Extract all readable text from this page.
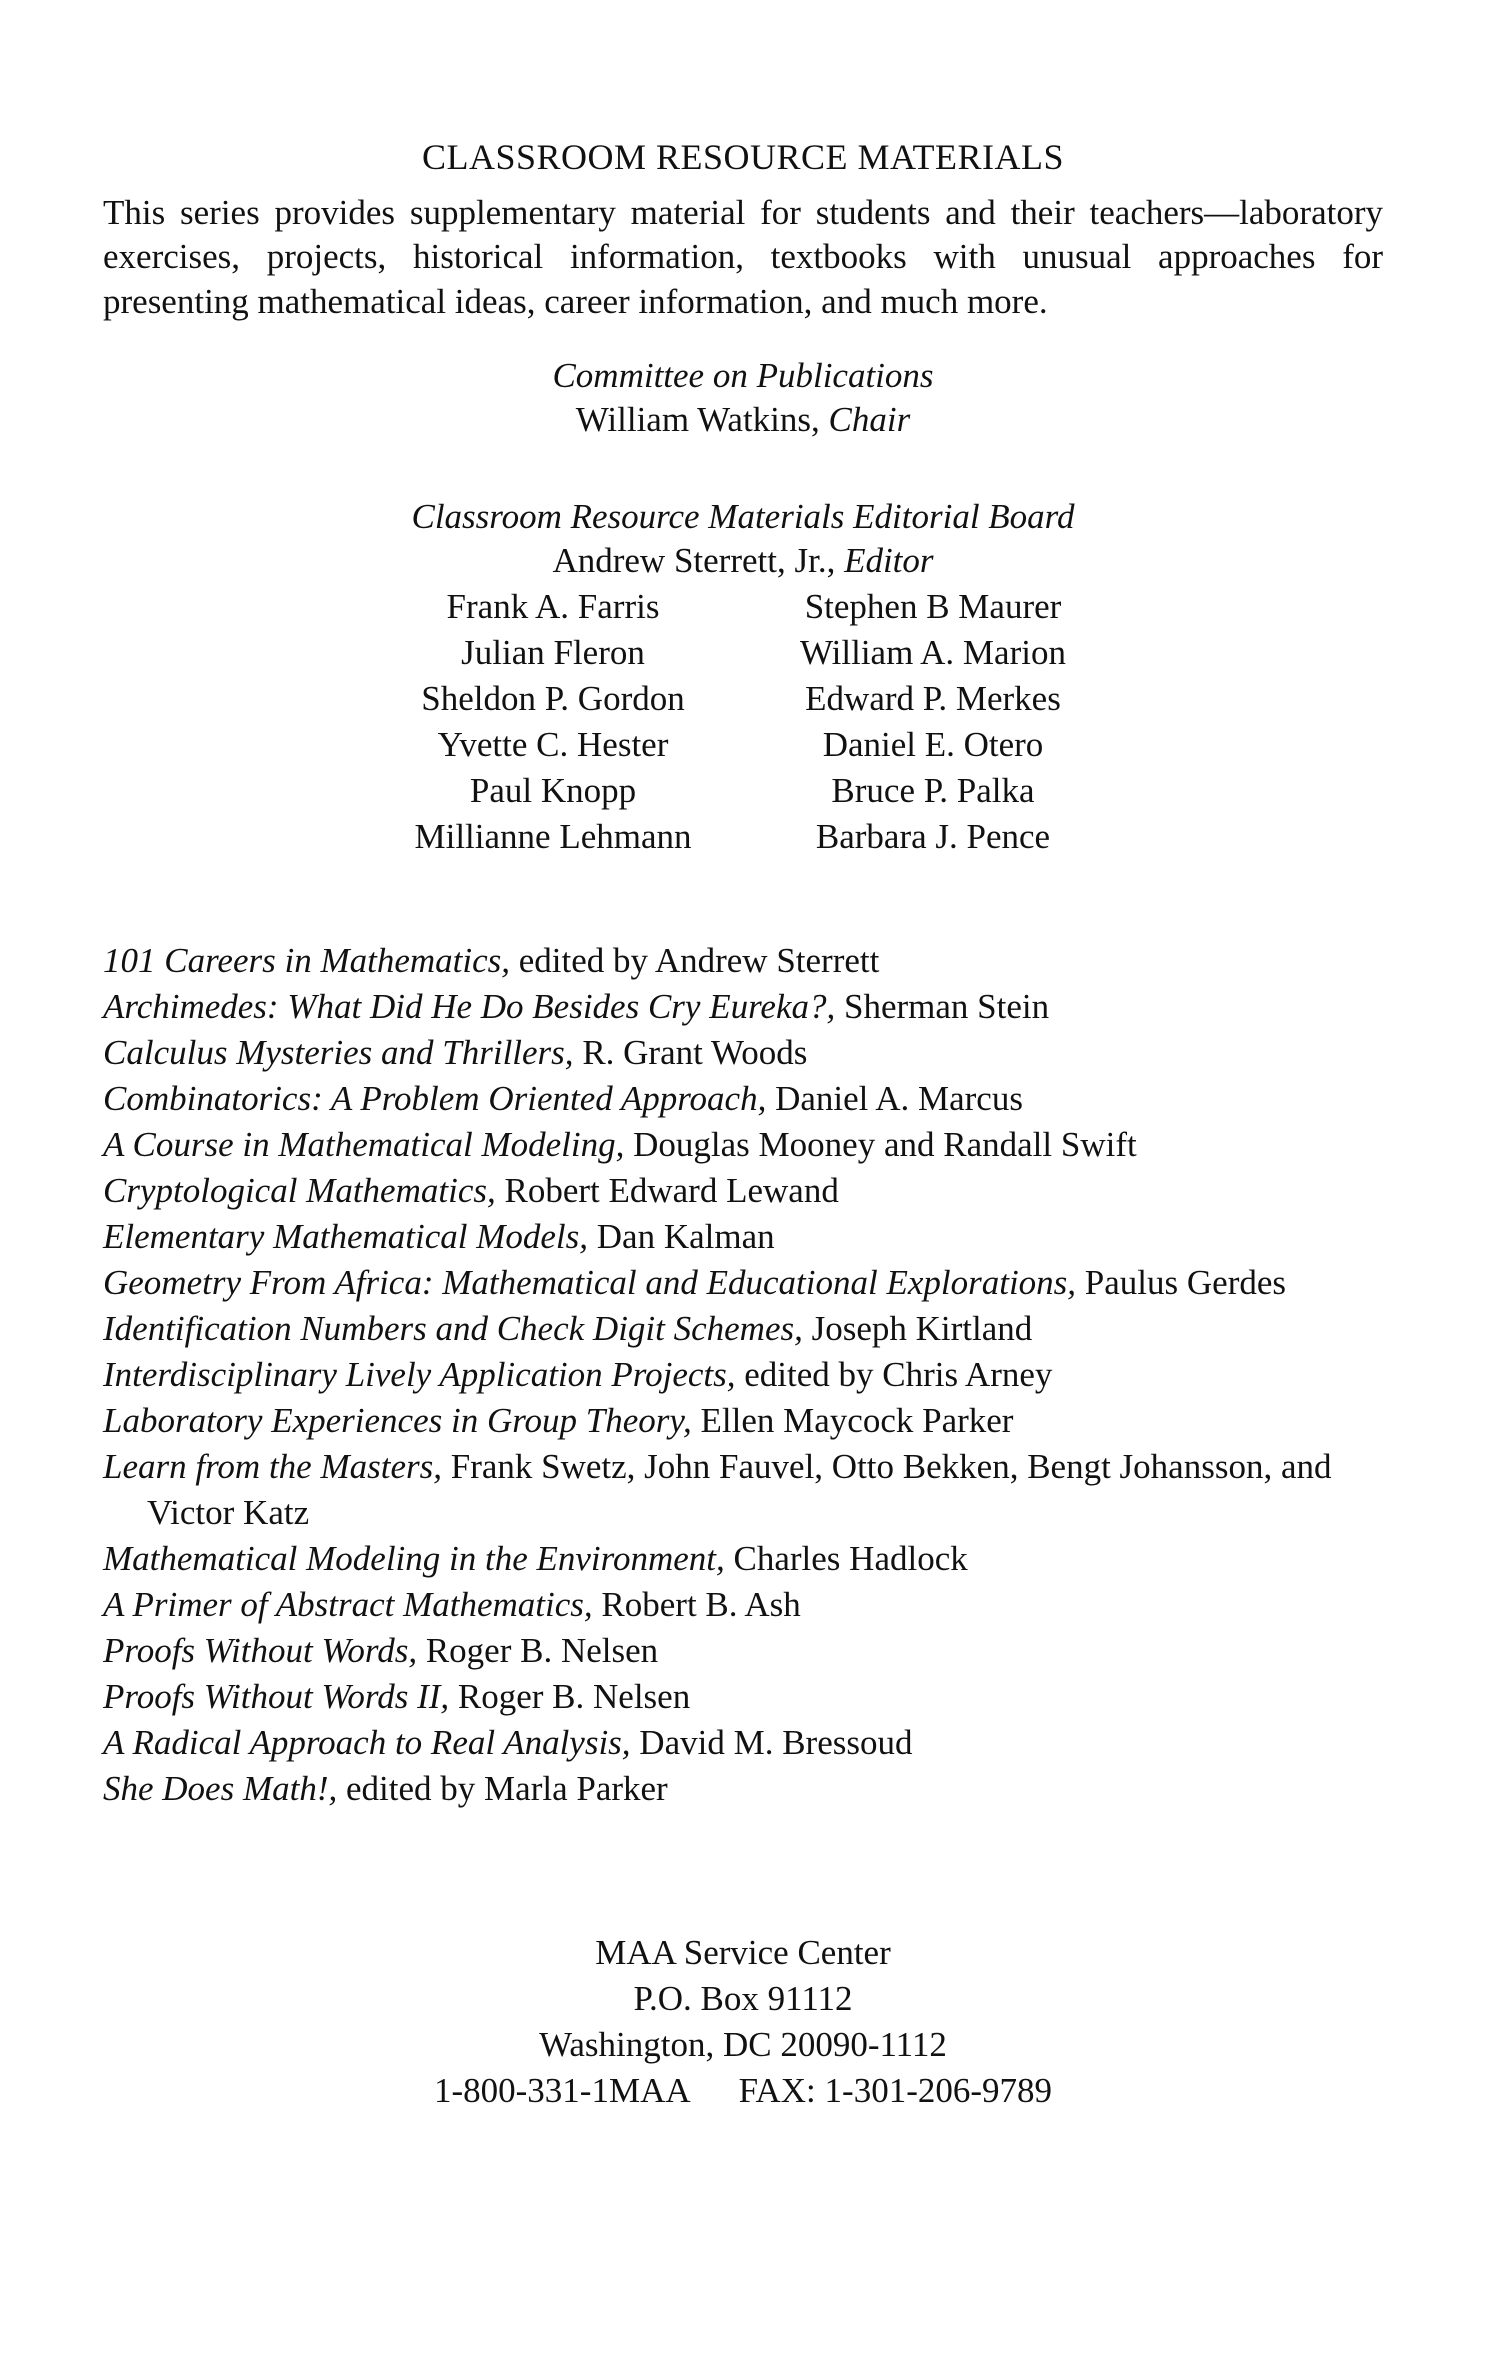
CLASSROOM RESOURCE MATERIALS

This series provides supplementary material for students and their teachers—laboratory exercises, projects, historical information, textbooks with unusual approaches for presenting mathematical ideas, career information, and much more.

Committee on Publications
William Watkins, Chair
Classroom Resource Materials Editorial Board
Andrew Sterrett, Jr., Editor
Frank A. Farris	Stephen B Maurer
Julian Fleron	William A. Marion
Sheldon P. Gordon	Edward P. Merkes
Yvette C. Hester	Daniel E. Otero
Paul Knopp	Bruce P. Palka
Millianne Lehmann	Barbara J. Pence

101 Careers in Mathematics, edited by Andrew Sterrett

Archimedes: What Did He Do Besides Cry Eureka?, Sherman Stein

Calculus Mysteries and Thrillers, R. Grant Woods

Combinatorics: A Problem Oriented Approach, Daniel A. Marcus

A Course in Mathematical Modeling, Douglas Mooney and Randall Swift

Cryptological Mathematics, Robert Edward Lewand

Elementary Mathematical Models, Dan Kalman

Geometry From Africa: Mathematical and Educational Explorations, Paulus Gerdes

Identification Numbers and Check Digit Schemes, Joseph Kirtland

Interdisciplinary Lively Application Projects, edited by Chris Arney

Laboratory Experiences in Group Theory, Ellen Maycock Parker

Learn from the Masters, Frank Swetz, John Fauvel, Otto Bekken, Bengt Johansson, and Victor Katz

Mathematical Modeling in the Environment, Charles Hadlock

A Primer of Abstract Mathematics, Robert B. Ash

Proofs Without Words, Roger B. Nelsen

Proofs Without Words II, Roger B. Nelsen

A Radical Approach to Real Analysis, David M. Bressoud

She Does Math!, edited by Marla Parker

MAA Service Center
P.O. Box 91112
Washington, DC 20090-1112
1-800-331-1MAA FAX: 1-301-206-9789
